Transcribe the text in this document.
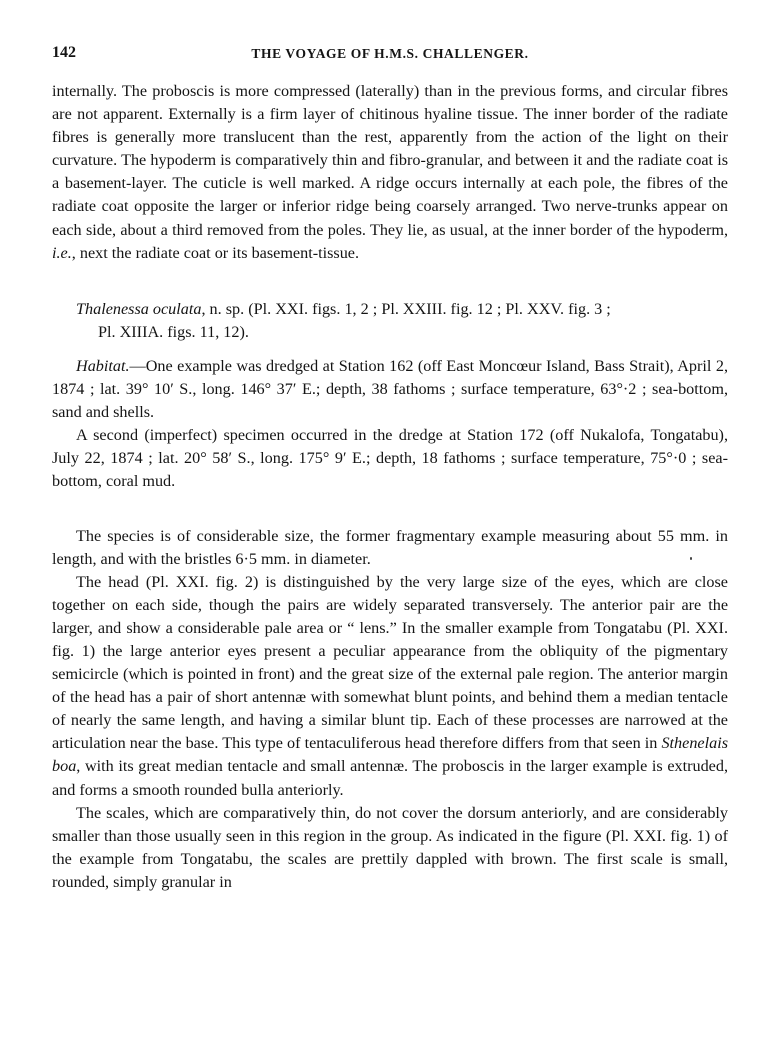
142	THE VOYAGE OF H.M.S. CHALLENGER.

internally. The proboscis is more compressed (laterally) than in the previous forms, and circular fibres are not apparent. Externally is a firm layer of chitinous hyaline tissue. The inner border of the radiate fibres is generally more translucent than the rest, apparently from the action of the light on their curvature. The hypoderm is comparatively thin and fibro-granular, and between it and the radiate coat is a basement-layer. The cuticle is well marked. A ridge occurs internally at each pole, the fibres of the radiate coat opposite the larger or inferior ridge being coarsely arranged. Two nerve-trunks appear on each side, about a third removed from the poles. They lie, as usual, at the inner border of the hypoderm, i.e., next the radiate coat or its basement-tissue.

Thalenessa oculata, n. sp. (Pl. XXI. figs. 1, 2 ; Pl. XXIII. fig. 12 ; Pl. XXV. fig. 3 ;
Pl. XIIIA. figs. 11, 12).

Habitat.—One example was dredged at Station 162 (off East Moncœur Island, Bass Strait), April 2, 1874 ; lat. 39° 10′ S., long. 146° 37′ E.; depth, 38 fathoms ; surface temperature, 63°·2 ; sea-bottom, sand and shells.

A second (imperfect) specimen occurred in the dredge at Station 172 (off Nukalofa, Tongatabu), July 22, 1874 ; lat. 20° 58′ S., long. 175° 9′ E.; depth, 18 fathoms ; surface temperature, 75°·0 ; sea-bottom, coral mud.

The species is of considerable size, the former fragmentary example measuring about 55 mm. in length, and with the bristles 6·5 mm. in diameter.

The head (Pl. XXI. fig. 2) is distinguished by the very large size of the eyes, which are close together on each side, though the pairs are widely separated transversely. The anterior pair are the larger, and show a considerable pale area or “ lens.” In the smaller example from Tongatabu (Pl. XXI. fig. 1) the large anterior eyes present a peculiar appearance from the obliquity of the pigmentary semicircle (which is pointed in front) and the great size of the external pale region. The anterior margin of the head has a pair of short antennæ with somewhat blunt points, and behind them a median tentacle of nearly the same length, and having a similar blunt tip. Each of these processes are narrowed at the articulation near the base. This type of tentaculiferous head therefore differs from that seen in Sthenelais boa, with its great median tentacle and small antennæ. The proboscis in the larger example is extruded, and forms a smooth rounded bulla anteriorly.

The scales, which are comparatively thin, do not cover the dorsum anteriorly, and are considerably smaller than those usually seen in this region in the group. As indicated in the figure (Pl. XXI. fig. 1) of the example from Tongatabu, the scales are prettily dappled with brown. The first scale is small, rounded, simply granular in
